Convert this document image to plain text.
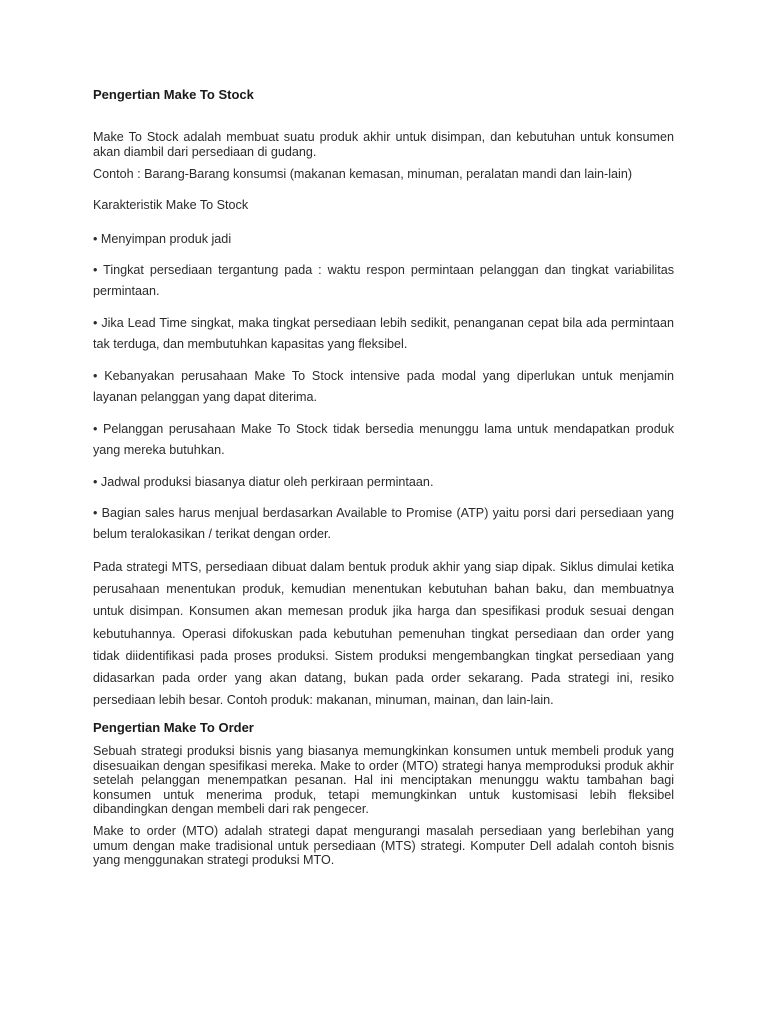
Pengertian Make To Stock

Make To Stock adalah membuat suatu produk akhir untuk disimpan, dan kebutuhan untuk konsumen akan diambil dari persediaan di gudang.

Contoh : Barang-Barang konsumsi (makanan kemasan, minuman, peralatan mandi dan lain-lain)

Karakteristik Make To Stock

• Menyimpan produk jadi

• Tingkat persediaan tergantung pada : waktu respon permintaan pelanggan dan tingkat variabilitas permintaan.

• Jika Lead Time singkat, maka tingkat persediaan lebih sedikit, penanganan cepat bila ada permintaan tak terduga, dan membutuhkan kapasitas yang fleksibel.

• Kebanyakan perusahaan Make To Stock intensive pada modal yang diperlukan untuk menjamin layanan pelanggan yang dapat diterima.

• Pelanggan perusahaan Make To Stock tidak bersedia menunggu lama untuk mendapatkan produk yang mereka butuhkan.

• Jadwal produksi biasanya diatur oleh perkiraan permintaan.

• Bagian sales harus menjual berdasarkan Available to Promise (ATP) yaitu porsi dari persediaan yang belum teralokasikan / terikat dengan order.

Pada strategi MTS, persediaan dibuat dalam bentuk produk akhir yang siap dipak. Siklus dimulai ketika perusahaan menentukan produk, kemudian menentukan kebutuhan bahan baku, dan membuatnya untuk disimpan. Konsumen akan memesan produk jika harga dan spesifikasi produk sesuai dengan kebutuhannya. Operasi difokuskan pada kebutuhan pemenuhan tingkat persediaan dan order yang tidak diidentifikasi pada proses produksi. Sistem produksi mengembangkan tingkat persediaan yang didasarkan pada order yang akan datang, bukan pada order sekarang. Pada strategi ini, resiko persediaan lebih besar. Contoh produk: makanan, minuman, mainan, dan lain-lain.

Pengertian Make To Order

Sebuah strategi produksi bisnis yang biasanya memungkinkan konsumen untuk membeli produk yang disesuaikan dengan spesifikasi mereka. Make to order (MTO) strategi hanya memproduksi produk akhir setelah pelanggan menempatkan pesanan. Hal ini menciptakan menunggu waktu tambahan bagi konsumen untuk menerima produk, tetapi memungkinkan untuk kustomisasi lebih fleksibel dibandingkan dengan membeli dari rak pengecer.

Make to order (MTO) adalah strategi dapat mengurangi masalah persediaan yang berlebihan yang umum dengan make tradisional untuk persediaan (MTS) strategi. Komputer Dell adalah contoh bisnis yang menggunakan strategi produksi MTO.
